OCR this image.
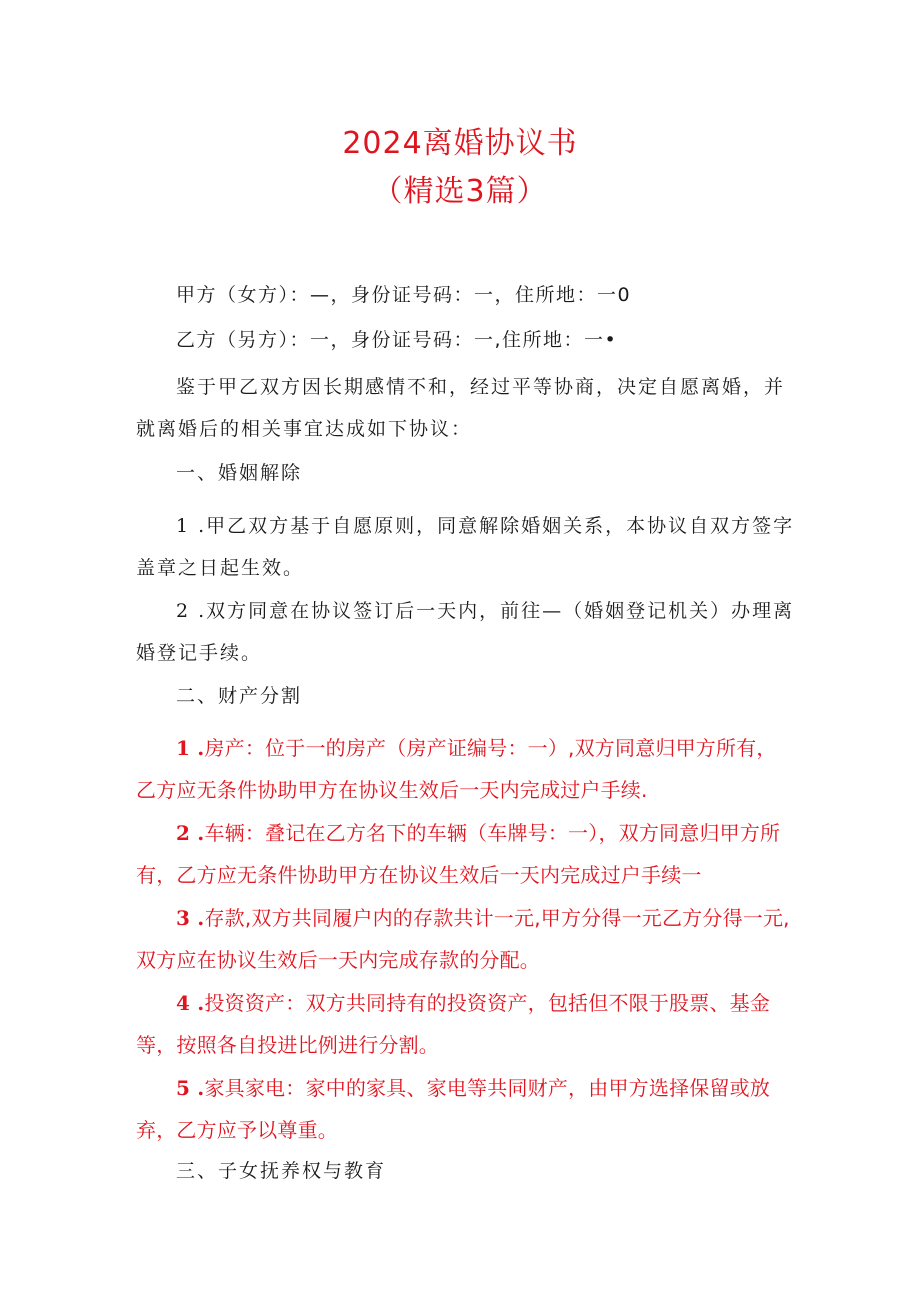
2024离婚协议书
（精选3篇）

甲方（女方）：—，身份证号码：一，住所地：一0

乙方（另方）：一，身份证号码：一,住所地：一•

鉴于甲乙双方因长期感情不和，经过平等协商，决定自愿离婚，并就离婚后的相关事宜达成如下协议：

一、婚姻解除

1 .甲乙双方基于自愿原则，同意解除婚姻关系，本协议自双方签字盖章之日起生效。

2 .双方同意在协议签订后一天内，前往—（婚姻登记机关）办理离婚登记手续。

二、财产分割

1 .房产：位于一的房产（房产证编号：一）,双方同意归甲方所有，乙方应无条件协助甲方在协议生效后一天内完成过户手续.

2 .车辆：叠记在乙方名下的车辆（车牌号：一），双方同意归甲方所有，乙方应无条件协助甲方在协议生效后一天内完成过户手续一

3 .存款,双方共同履户内的存款共计一元,甲方分得一元乙方分得一元,双方应在协议生效后一天内完成存款的分配。

4 .投资资产：双方共同持有的投资资产，包括但不限于股票、基金等，按照各自投进比例进行分割。

5 .家具家电：家中的家具、家电等共同财产，由甲方选择保留或放弃，乙方应予以尊重。

三、子女抚养权与教育
